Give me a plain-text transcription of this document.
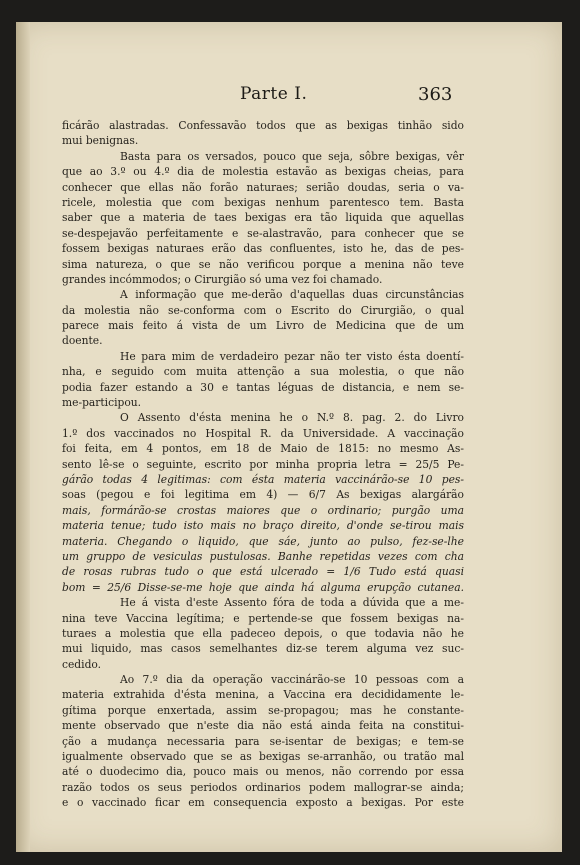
Parte I.	363
ficárão alastradas. Confessavão todos que as bexigas tinhão sido
mui benignas.
Basta para os versados, pouco que seja, sôbre bexigas, vêr
que ao 3.º ou 4.º dia de molestia estavão as bexigas cheias, para
conhecer que ellas não forão naturaes; serião doudas, seria o va-
ricele, molestia que com bexigas nenhum parentesco tem. Basta
saber que a materia de taes bexigas era tão liquida que aquellas
se-despejavão perfeitamente e se-alastravão, para conhecer que se
fossem bexigas naturaes erão das confluentes, isto he, das de pes-
sima natureza, o que se não verificou porque a menina não teve
grandes incómmodos; o Cirurgião só uma vez foi chamado.
A informação que me-derão d'aquellas duas circunstâncias
da molestia não se-conforma com o Escrito do Cirurgião, o qual
parece mais feito á vista de um Livro de Medicina que de um
doente.
He para mim de verdadeiro pezar não ter visto ésta doentí-
nha, e seguido com muita attenção a sua molestia, o que não
podia fazer estando a 30 e tantas léguas de distancia, e nem se-
me-participou.
O Assento d'ésta menina he o N.º 8. pag. 2. do Livro
1.º dos vaccinados no Hospital R. da Universidade. A vaccinação
foi feita, em 4 pontos, em 18 de Maio de 1815: no mesmo As-
sento lê-se o seguinte, escrito por minha propria letra = 25/5 Pe-
gárão todas 4 legitimas: com ésta materia vaccinárão-se 10 pes-
soas (pegou e foi legitima em 4) — 6/7 As bexigas alargárão
mais, formárão-se crostas maiores que o ordinario; purgão uma
materia tenue; tudo isto mais no braço direito, d'onde se-tirou mais
materia. Chegando o liquido, que sáe, junto ao pulso, fez-se-lhe
um gruppo de vesiculas pustulosas. Banhe repetidas vezes com cha
de rosas rubras tudo o que está ulcerado = 1/6 Tudo está quasi
bom = 25/6 Disse-se-me hoje que ainda há alguma erupção cutanea.
He á vista d'este Assento fóra de toda a dúvida que a me-
nina teve Vaccina legítima; e pertende-se que fossem bexigas na-
turaes a molestia que ella padeceo depois, o que todavia não he
mui liquido, mas casos semelhantes diz-se terem alguma vez suc-
cedido.
Ao 7.º dia da operação vaccinárão-se 10 pessoas com a
materia extrahida d'ésta menina, a Vaccina era decididamente le-
gítima porque enxertada, assim se-propagou; mas he constante-
mente observado que n'este dia não está ainda feita na constitui-
ção a mudança necessaria para se-isentar de bexigas; e tem-se
igualmente observado que se as bexigas se-arranhão, ou tratão mal
até o duodecimo dia, pouco mais ou menos, não correndo por essa
razão todos os seus periodos ordinarios podem mallograr-se ainda;
e o vaccinado ficar em consequencia exposto a bexigas. Por este
